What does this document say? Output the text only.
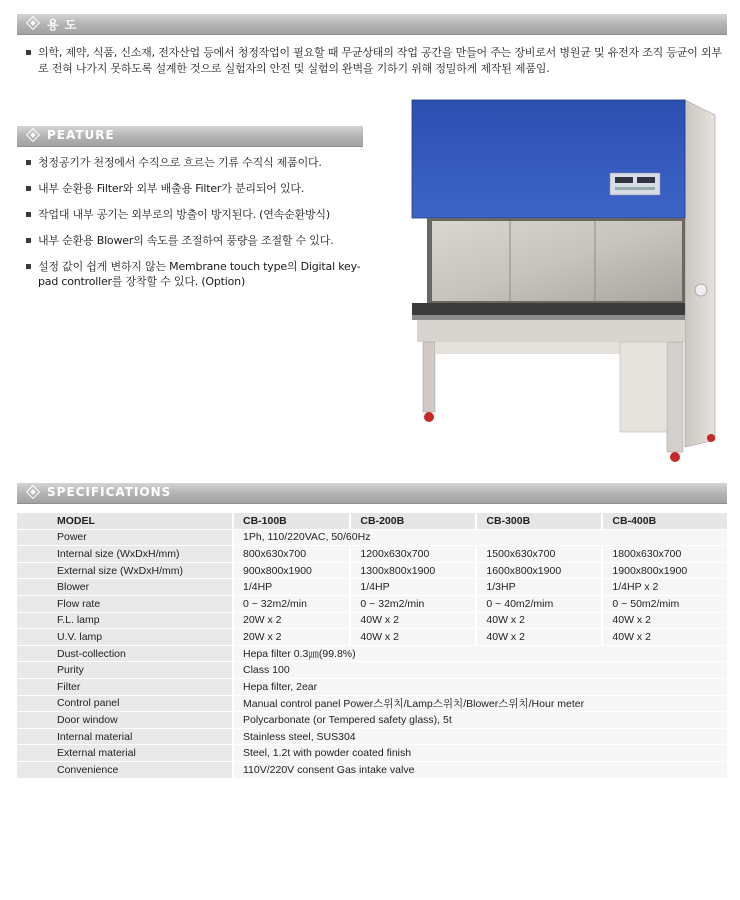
용 도
의학, 제약, 식품, 신소재, 전자산업 등에서 청정작업이 필요할 때 무균상태의 작업 공간을 만들어 주는 장비로서 병원균 및 유전자 조직 등균이 외부로 전혀 나가지 못하도록 설계한 것으로 실험자의 안전 및 실험의 완벽을 기하기 위해 정밀하게 제작된 제품임.
PEATURE
청정공기가 천정에서 수직으로 흐르는 기류 수직식 제품이다.
내부 순환용 Filter와 외부 배출용 Filter가 분리되어 있다.
작업대 내부 공기는 외부로의 방출이 방지된다. (연속순환방식)
내부 순환용 Blower의 속도를 조절하여 풍량을 조절할 수 있다.
설정 값이 쉽게 변하지 않는 Membrane touch type의 Digital key-pad controller를 장착할 수 있다. (Option)
SPECIFICATIONS
MODEL	CB-100B	CB-200B	CB-300B	CB-400B
Power	1Ph, 110/220VAC, 50/60Hz			
Internal size (WxDxH/mm)	800x630x700	1200x630x700	1500x630x700	1800x630x700
External size (WxDxH/mm)	900x800x1900	1300x800x1900	1600x800x1900	1900x800x1900
Blower	1/4HP	1/4HP	1/3HP	1/4HP x 2
Flow rate	0 ~ 32m2/min	0 ~ 32m2/min	0 ~ 40m2/mim	0 ~ 50m2/mim
F.L. lamp	20W x 2	40W x 2	40W x 2	40W x 2
U.V. lamp	20W x 2	40W x 2	40W x 2	40W x 2
Dust-collection	Hepa filter 0.3㎛(99.8%)			
Purity	Class 100			
Filter	Hepa filter, 2ear			
Control panel	Manual control panel Power스위치/Lamp스위치/Blower스위치/Hour meter			
Door window	Polycarbonate (or Tempered safety glass), 5t			
Internal material	Stainless steel, SUS304			
External material	Steel, 1.2t with powder coated finish			
Convenience	110V/220V consent Gas intake valve			
